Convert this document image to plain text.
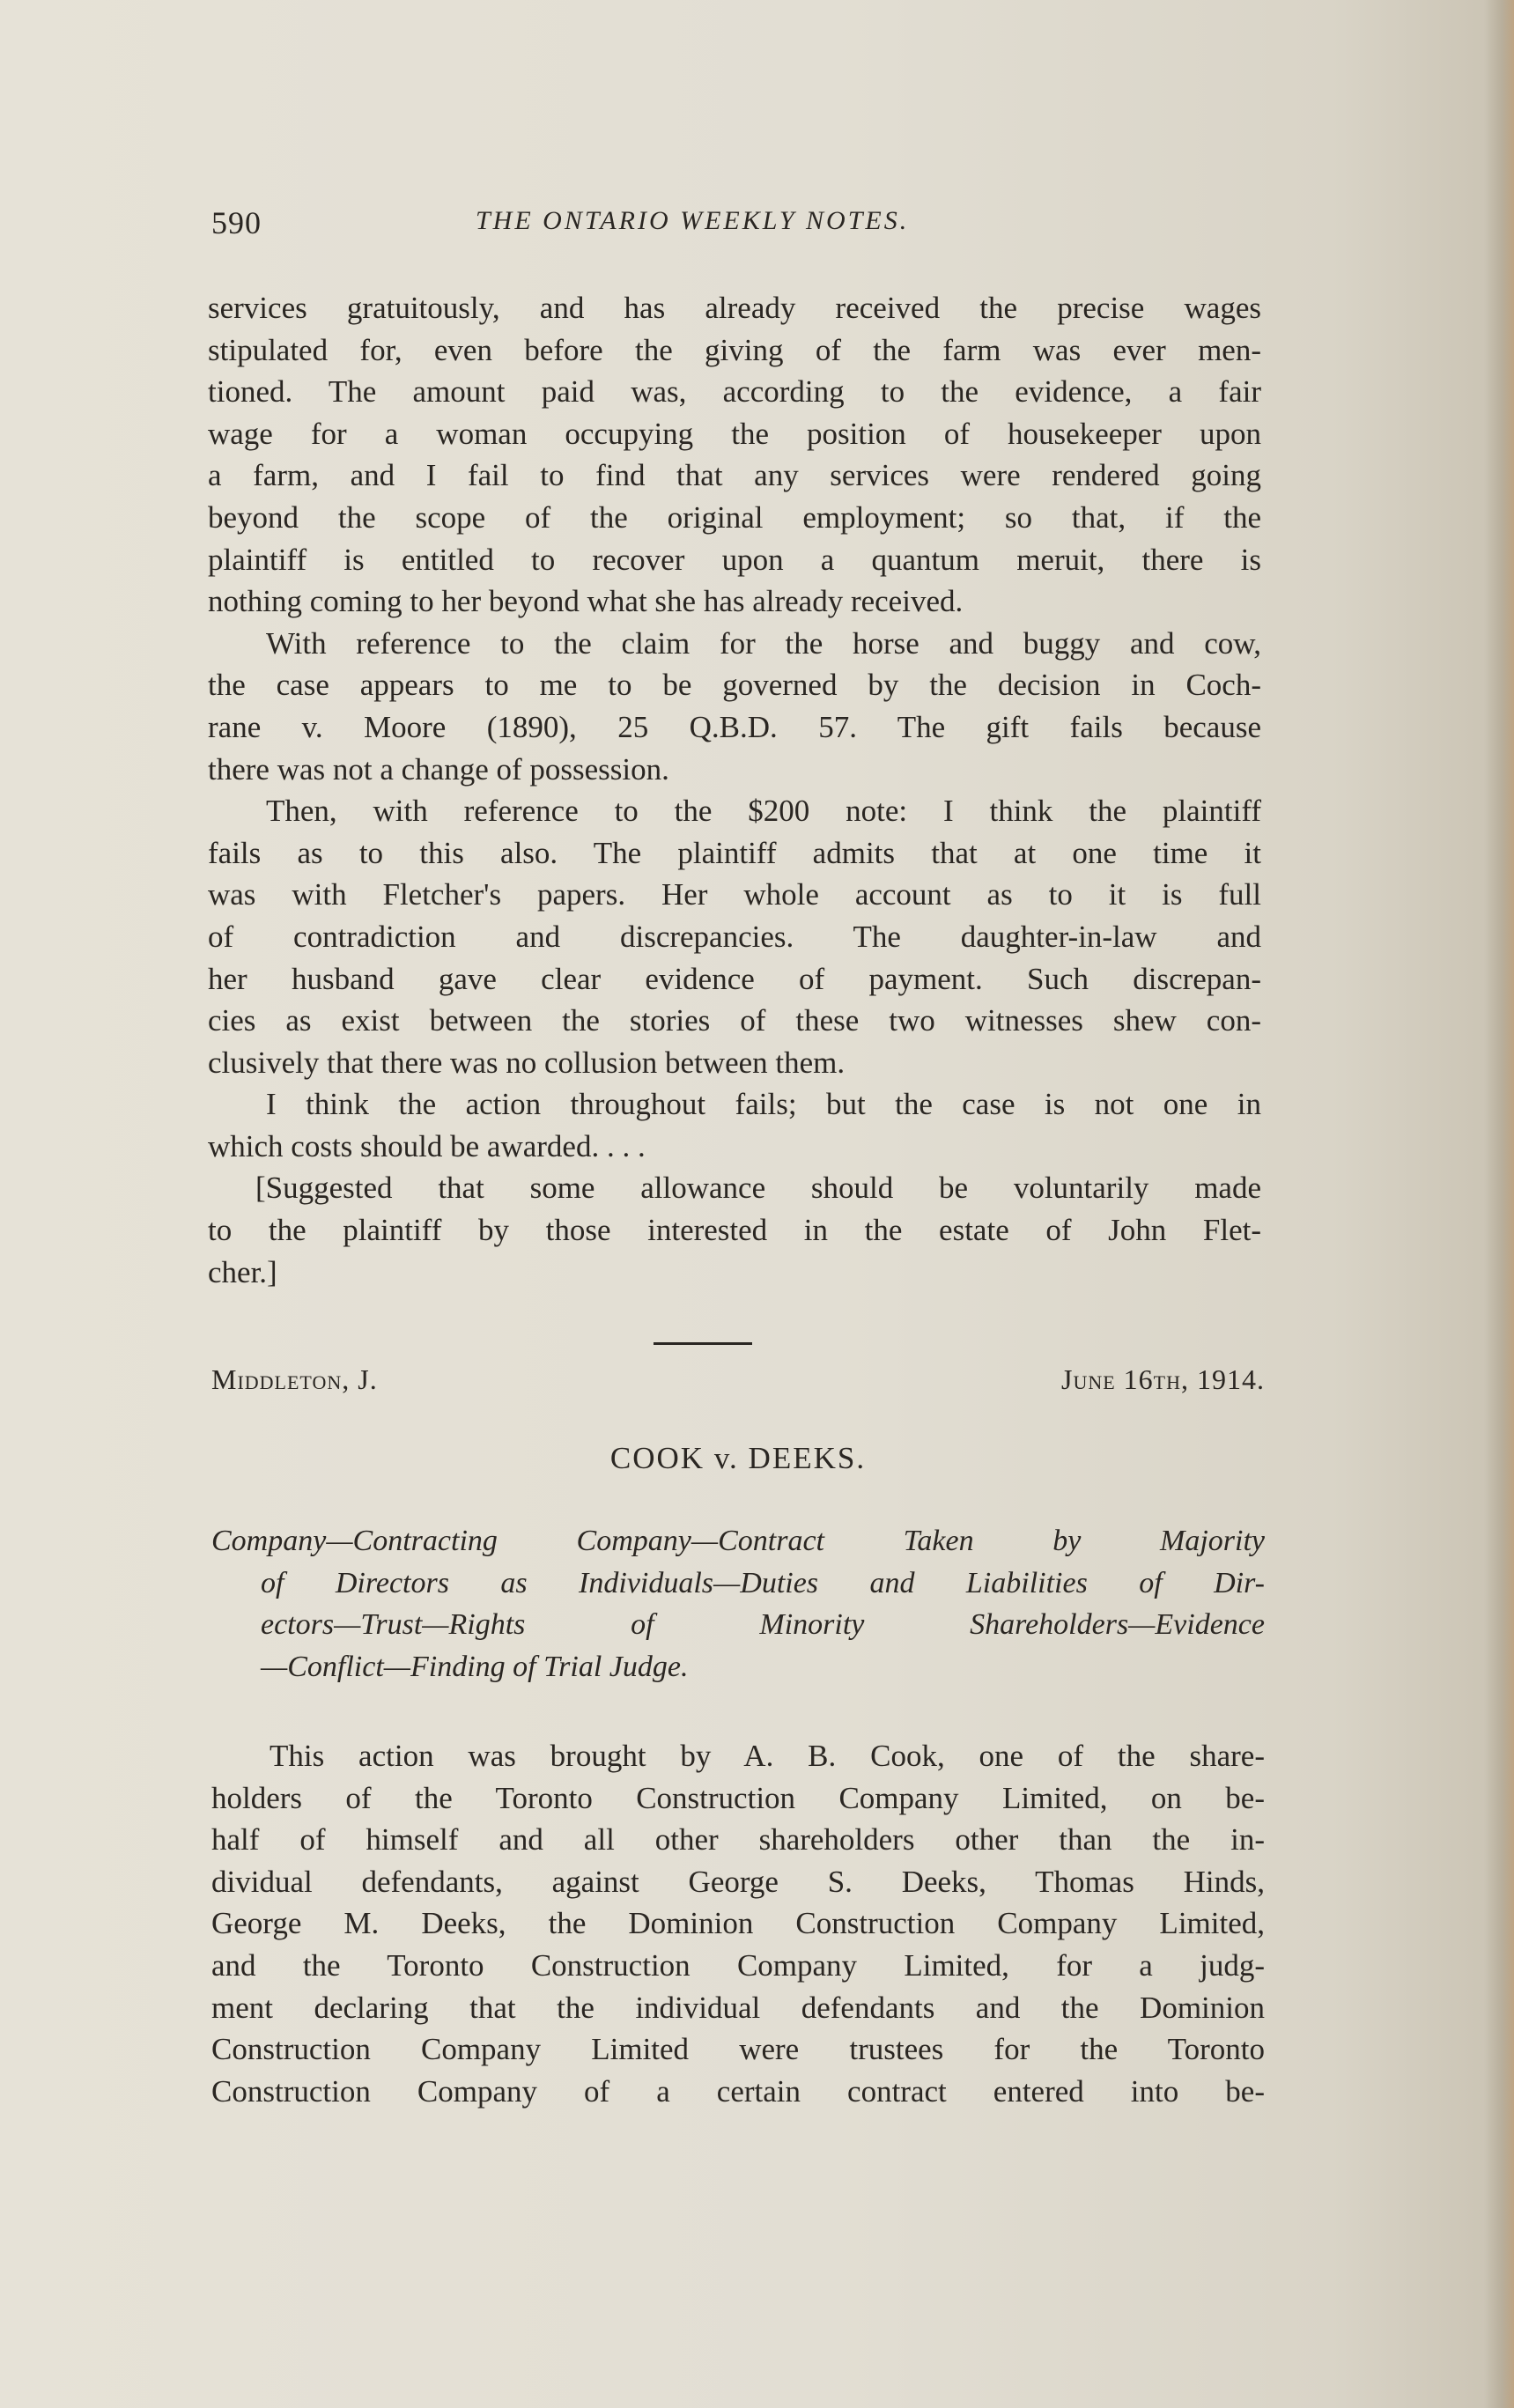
590	THE ONTARIO WEEKLY NOTES.
services gratuitously, and has already received the precise wages
stipulated for, even before the giving of the farm was ever men-
tioned. The amount paid was, according to the evidence, a fair
wage for a woman occupying the position of housekeeper upon
a farm, and I fail to find that any services were rendered going
beyond the scope of the original employment; so that, if the
plaintiff is entitled to recover upon a quantum meruit, there is
nothing coming to her beyond what she has already received.
With reference to the claim for the horse and buggy and cow,
the case appears to me to be governed by the decision in Coch-
rane v. Moore (1890), 25 Q.B.D. 57. The gift fails because
there was not a change of possession.
Then, with reference to the $200 note: I think the plaintiff
fails as to this also. The plaintiff admits that at one time it
was with Fletcher's papers. Her whole account as to it is full
of contradiction and discrepancies. The daughter-in-law and
her husband gave clear evidence of payment. Such discrepan-
cies as exist between the stories of these two witnesses shew con-
clusively that there was no collusion between them.
I think the action throughout fails; but the case is not one in
which costs should be awarded. . . .
[Suggested that some allowance should be voluntarily made
to the plaintiff by those interested in the estate of John Flet-
cher.]
Middleton, J.	June 16th, 1914.
COOK v. DEEKS.
Company—Contracting Company—Contract Taken by Majority
of Directors as Individuals—Duties and Liabilities of Dir-
ectors—Trust—Rights of Minority Shareholders—Evidence
—Conflict—Finding of Trial Judge.
This action was brought by A. B. Cook, one of the share-
holders of the Toronto Construction Company Limited, on be-
half of himself and all other shareholders other than the in-
dividual defendants, against George S. Deeks, Thomas Hinds,
George M. Deeks, the Dominion Construction Company Limited,
and the Toronto Construction Company Limited, for a judg-
ment declaring that the individual defendants and the Dominion
Construction Company Limited were trustees for the Toronto
Construction Company of a certain contract entered into be-
